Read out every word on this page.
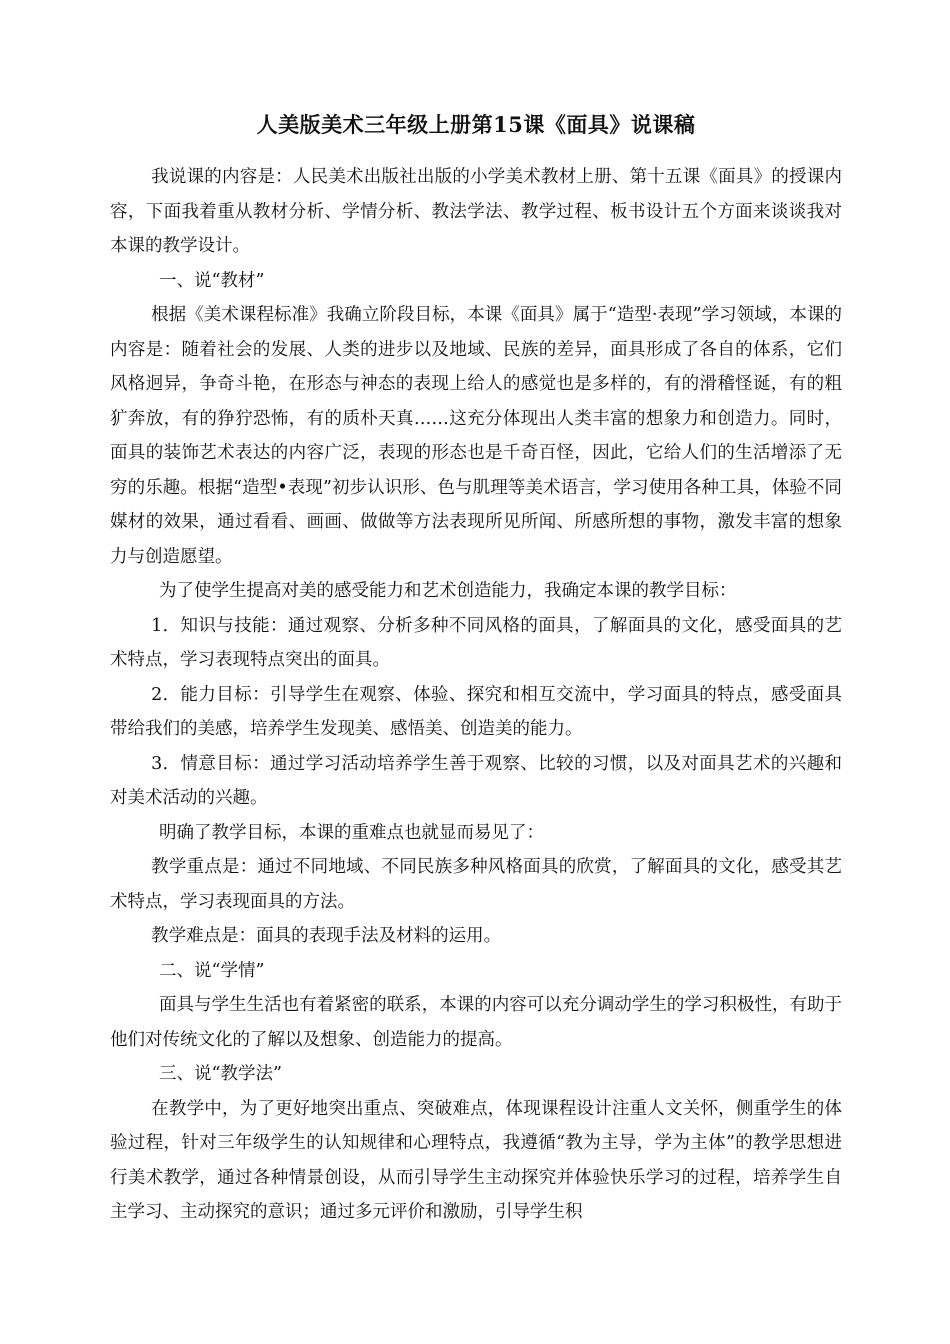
人美版美术三年级上册第15课《面具》说课稿

我说课的内容是：人民美术出版社出版的小学美术教材上册、第十五课《面具》的授课内容，下面我着重从教材分析、学情分析、教法学法、教学过程、板书设计五个方面来谈谈我对本课的教学设计。

一、说“教材”

根据《美术课程标准》我确立阶段目标，本课《面具》属于“造型·表现”学习领域，本课的内容是：随着社会的发展、人类的进步以及地域、民族的差异，面具形成了各自的体系，它们风格迥异，争奇斗艳，在形态与神态的表现上给人的感觉也是多样的，有的滑稽怪诞，有的粗犷奔放，有的狰狞恐怖，有的质朴天真……这充分体现出人类丰富的想象力和创造力。同时，面具的装饰艺术表达的内容广泛，表现的形态也是千奇百怪，因此，它给人们的生活增添了无穷的乐趣。根据“造型•表现”初步认识形、色与肌理等美术语言，学习使用各种工具，体验不同媒材的效果，通过看看、画画、做做等方法表现所见所闻、所感所想的事物，激发丰富的想象力与创造愿望。

为了使学生提高对美的感受能力和艺术创造能力，我确定本课的教学目标：

1．知识与技能：通过观察、分析多种不同风格的面具，了解面具的文化，感受面具的艺术特点，学习表现特点突出的面具。

2．能力目标：引导学生在观察、体验、探究和相互交流中，学习面具的特点，感受面具带给我们的美感，培养学生发现美、感悟美、创造美的能力。

3．情意目标：通过学习活动培养学生善于观察、比较的习惯，以及对面具艺术的兴趣和对美术活动的兴趣。

明确了教学目标，本课的重难点也就显而易见了：

教学重点是：通过不同地域、不同民族多种风格面具的欣赏，了解面具的文化，感受其艺术特点，学习表现面具的方法。

教学难点是：面具的表现手法及材料的运用。

二、说“学情”

面具与学生生活也有着紧密的联系，本课的内容可以充分调动学生的学习积极性，有助于他们对传统文化的了解以及想象、创造能力的提高。

三、说“教学法”

在教学中，为了更好地突出重点、突破难点，体现课程设计注重人文关怀，侧重学生的体验过程，针对三年级学生的认知规律和心理特点，我遵循“教为主导，学为主体”的教学思想进行美术教学，通过各种情景创设，从而引导学生主动探究并体验快乐学习的过程，培养学生自主学习、主动探究的意识；通过多元评价和激励，引导学生积
